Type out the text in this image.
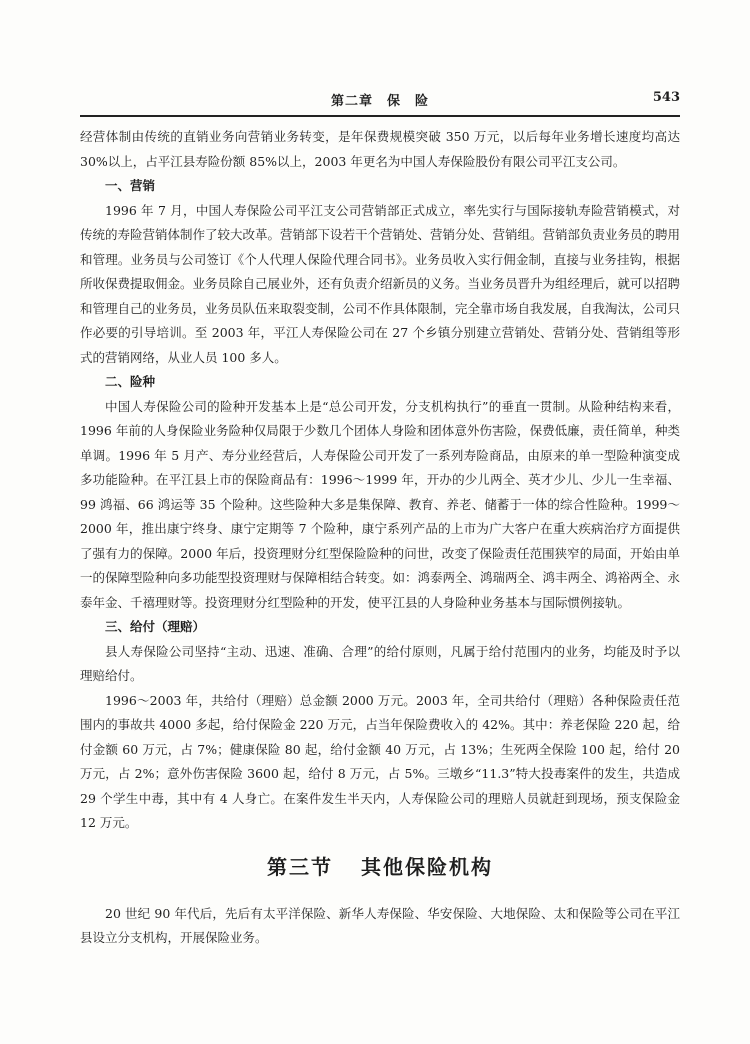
第二章　保　险	543

经营体制由传统的直销业务向营销业务转变，是年保费规模突破 350 万元，以后每年业务增长速度均高达 30%以上，占平江县寿险份额 85%以上，2003 年更名为中国人寿保险股份有限公司平江支公司。

一、营销

1996 年 7 月，中国人寿保险公司平江支公司营销部正式成立，率先实行与国际接轨寿险营销模式，对传统的寿险营销体制作了较大改革。营销部下设若干个营销处、营销分处、营销组。营销部负责业务员的聘用和管理。业务员与公司签订《个人代理人保险代理合同书》。业务员收入实行佣金制，直接与业务挂钩，根据所收保费提取佣金。业务员除自己展业外，还有负责介绍新员的义务。当业务员晋升为组经理后，就可以招聘和管理自己的业务员，业务员队伍来取裂变制，公司不作具体限制，完全靠市场自我发展，自我淘汰，公司只作必要的引导培训。至 2003 年，平江人寿保险公司在 27 个乡镇分别建立营销处、营销分处、营销组等形式的营销网络，从业人员 100 多人。

二、险种

中国人寿保险公司的险种开发基本上是“总公司开发，分支机构执行”的垂直一贯制。从险种结构来看，1996 年前的人身保险业务险种仅局限于少数几个团体人身险和团体意外伤害险，保费低廉，责任简单，种类单调。1996 年 5 月产、寿分业经营后，人寿保险公司开发了一系列寿险商品，由原来的单一型险种演变成多功能险种。在平江县上市的保险商品有：1996～1999 年，开办的少儿两全、英才少儿、少儿一生幸福、99 鸿福、66 鸿运等 35 个险种。这些险种大多是集保障、教育、养老、储蓄于一体的综合性险种。1999～2000 年，推出康宁终身、康宁定期等 7 个险种，康宁系列产品的上市为广大客户在重大疾病治疗方面提供了强有力的保障。2000 年后，投资理财分红型保险险种的问世，改变了保险责任范围狭窄的局面，开始由单一的保障型险种向多功能型投资理财与保障相结合转变。如：鸿泰两全、鸿瑞两全、鸿丰两全、鸿裕两全、永泰年金、千禧理财等。投资理财分红型险种的开发，使平江县的人身险种业务基本与国际惯例接轨。

三、给付（理赔）

县人寿保险公司坚持“主动、迅速、准确、合理”的给付原则，凡属于给付范围内的业务，均能及时予以理赔给付。

1996～2003 年，共给付（理赔）总金额 2000 万元。2003 年，全司共给付（理赔）各种保险责任范围内的事故共 4000 多起，给付保险金 220 万元，占当年保险费收入的 42%。其中：养老保险 220 起，给付金额 60 万元，占 7%；健康保险 80 起，给付金额 40 万元，占 13%；生死两全保险 100 起，给付 20 万元，占 2%；意外伤害保险 3600 起，给付 8 万元，占 5%。三墩乡“11.3”特大投毒案件的发生，共造成 29 个学生中毒，其中有 4 人身亡。在案件发生半天内，人寿保险公司的理赔人员就赶到现场，预支保险金 12 万元。

第三节 其他保险机构

20 世纪 90 年代后，先后有太平洋保险、新华人寿保险、华安保险、大地保险、太和保险等公司在平江县设立分支机构，开展保险业务。
